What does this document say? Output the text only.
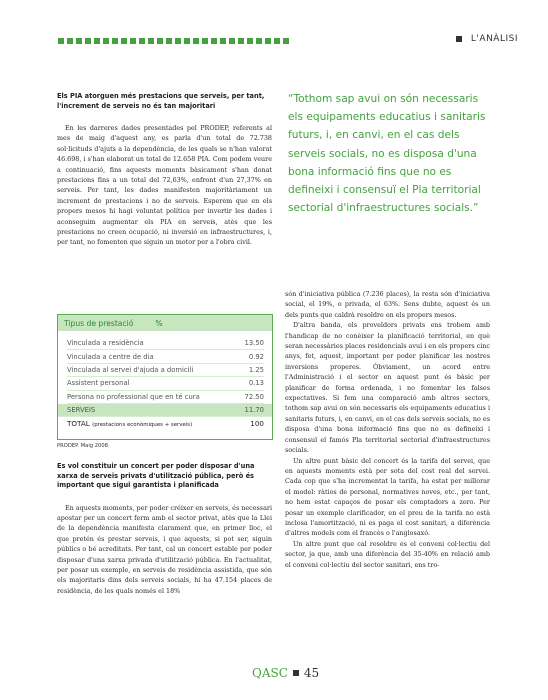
L'ANÀLISI

Els PIA atorguen més prestacions que serveis, per tant, l'increment de serveis no és tan majoritari

En les darreres dades presentades pel PRODEP, referents al mes de maig d'aquest any, es parla d'un total de 72.738 sol·licituds d'ajuts a la dependència, de les quals se n'han valorat 46.698, i s'han elaborat un total de 12.658 PIA. Com podem veure a continuació, fins aquests moments bàsicament s'han donat prestacions fins a un total del 72,63%, enfront d'un 27,37% en serveis. Per tant, les dades manifesten majoritàriament un increment de prestacions i no de serveis. Esperem que en els propers mesos hi hagi voluntat política per invertir les dades i aconseguim augmentar els PIA en serveis, atès que les prestacions no creen ocupació, ni inversió en infraestructures, i, per tant, no fomenten que siguin un motor per a l'obra civil.

“Tothom sap avui on són necessaris els equipaments educatius i sanitaris futurs, i, en canvi, en el cas dels serveis socials, no es disposa d'una bona informació fins que no es defineixi i consensuï el Pla territorial sectorial d'infraestructures socials.”

Tipus de prestació	%
Vinculada a residència	13.50
Vinculada a centre de dia	0.92
Vinculada al servei d'ajuda a domicili	1.25
Assistent personal	0.13
Persona no professional que en té cura	72.50
SERVEIS	11.70
TOTAL (prestacions econòmiques + serveis)	100
PRODEP. Maig 2008.

Es vol constituir un concert per poder disposar d'una xarxa de serveis privats d'utilització pública, però és important que sigui garantista i planificada

En aquests moments, per poder créixer en serveis, és necessari apostar per un concert ferm amb el sector privat, atès que la Llei de la dependència manifesta clarament que, en primer lloc, el que pretén és prestar serveis, i que aquests, si pot ser, siguin públics o bé acreditats. Per tant, cal un concert estable per poder disposar d'una xarxa privada d'utilització pública. En l'actualitat, per posar un exemple, en serveis de residència assistida, que són els majoritaris dins dels serveis socials, hi ha 47.154 places de residència, de les quals només el 18%

són d'iniciativa pública (7.236 places), la resta són d'iniciativa social, el 19%, o privada, el 63%. Sens dubte, aquest és un dels punts que caldrà resoldre en els propers mesos.

D'altra banda, els proveïdors privats ens trobem amb l'handicap de no conèixer la planificació territorial, en què seran necessàries places residencials avui i en els propers cinc anys, fet, aquest, important per poder planificar les nostres inversions properes. Òbviament, un acord entre l'Administració i el sector en aquest punt és bàsic per planificar de forma ordenada, i no fomentar les falses expectatives. Si fem una comparació amb altres sectors, tothom sap avui on són necessaris els equipaments educatius i sanitaris futurs, i, en canvi, en el cas dels serveis socials, no es disposa d'una bona informació fins que no es defineixi i consensuï el famós Pla territorial sectorial d'infraestructures socials.

Un altre punt bàsic del concert és la tarifa del servei, que en aquests moments està per sota del cost real del servei. Cada cop que s'ha incrementat la tarifa, ha estat per millorar el model: ràtios de personal, normatives noves, etc., per tant, no hem estat capaços de posar els comptadors a zero. Per posar un exemple clarificador, en el preu de la tarifa no està inclosa l'amortització, ni es paga el cost sanitari, a diferència d'altres models com el francès o l'anglosaxó.

Un altre punt que cal resoldre és el conveni col·lectiu del sector, ja que, amb una diferència del 35-40% en relació amb el conveni col·lectiu del sector sanitari, ens tro-

QASC 45
